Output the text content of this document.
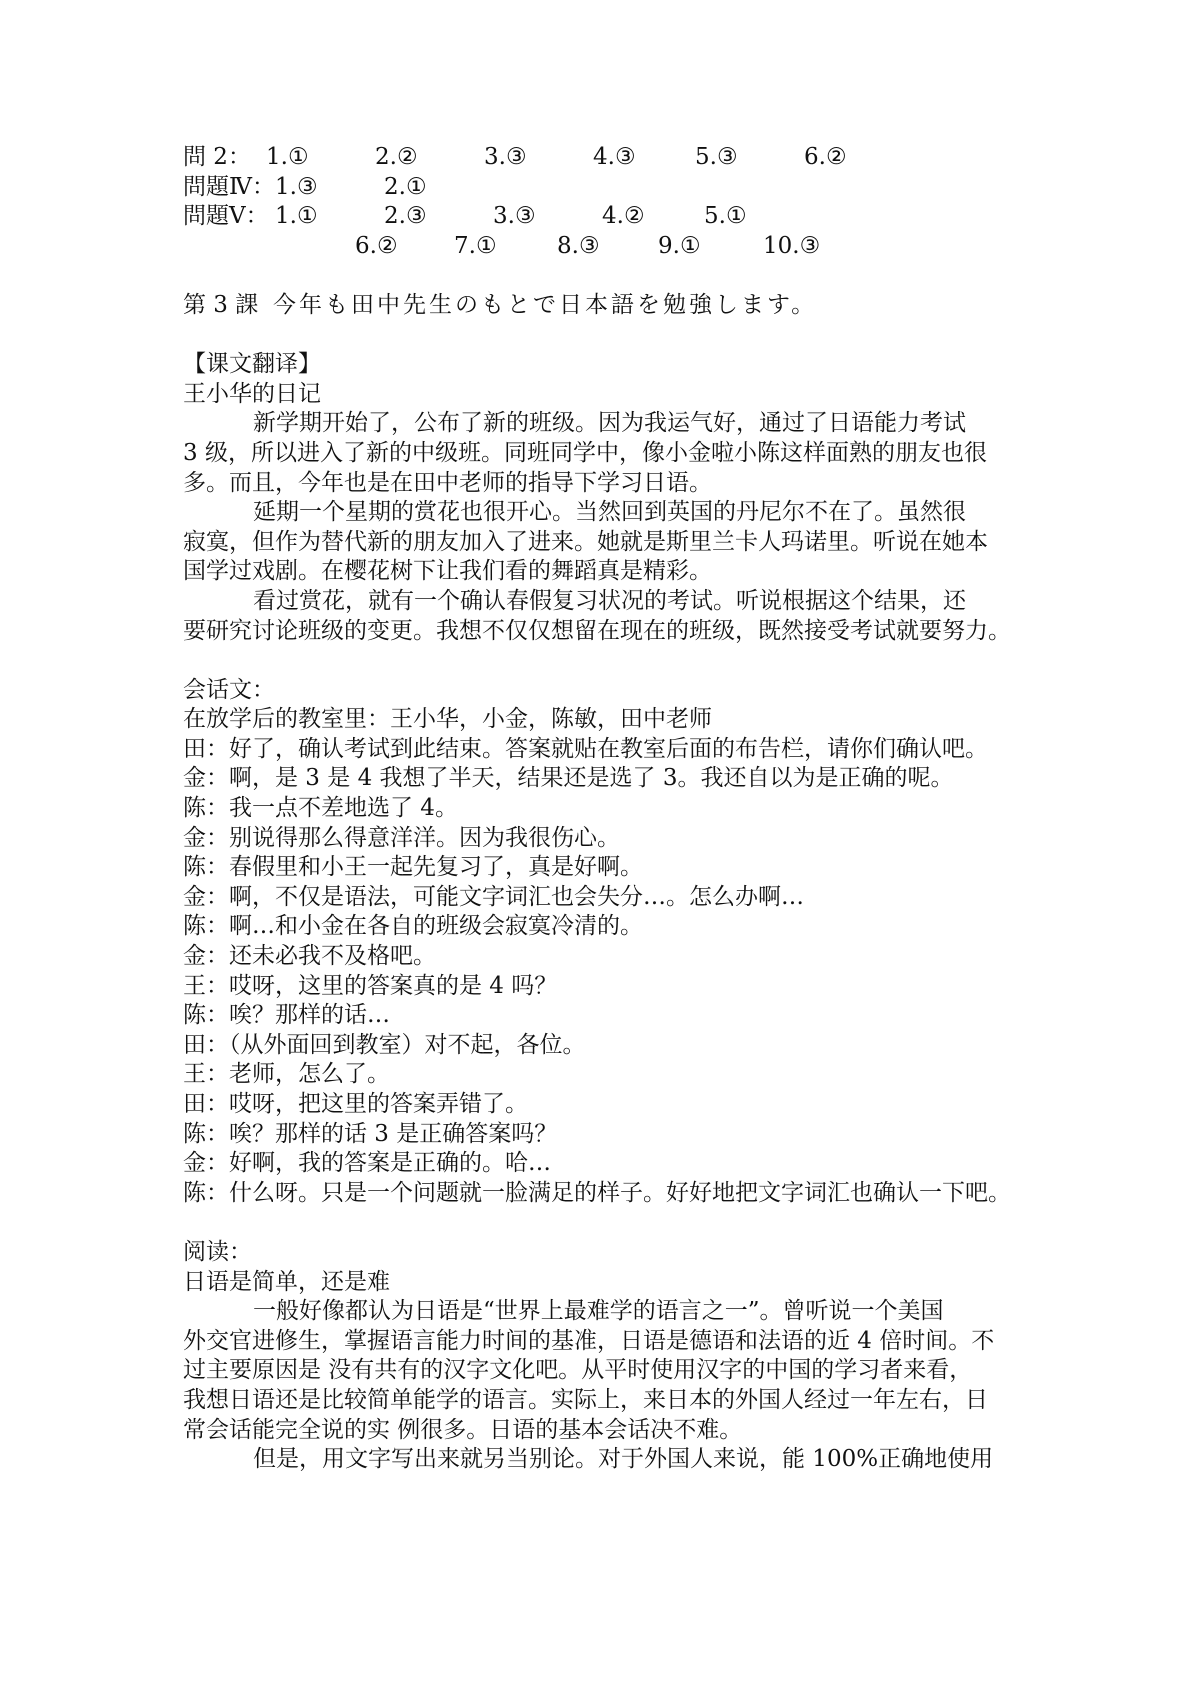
問 2： 1.①	2.②	3.③	4.③	5.③	6.②
問題Ⅳ： 1.③	2.①
問題Ⅴ： 1.①	2.③	3.③	4.②	5.①
6.②	7.①	8.③	9.①	10.③
第 3 課 今年も田中先生のもとで日本語を勉強します。
【课文翻译】
王小华的日记
新学期开始了，公布了新的班级。因为我运气好，通过了日语能力考试
3 级，所以进入了新的中级班。同班同学中，像小金啦小陈这样面熟的朋友也很
多。而且，今年也是在田中老师的指导下学习日语。
延期一个星期的赏花也很开心。当然回到英国的丹尼尔不在了。虽然很
寂寞，但作为替代新的朋友加入了进来。她就是斯里兰卡人玛诺里。听说在她本
国学过戏剧。在樱花树下让我们看的舞蹈真是精彩。
看过赏花，就有一个确认春假复习状况的考试。听说根据这个结果，还
要研究讨论班级的变更。我想不仅仅想留在现在的班级，既然接受考试就要努力。
会话文：
在放学后的教室里：王小华，小金，陈敏，田中老师
田：好了，确认考试到此结束。答案就贴在教室后面的布告栏，请你们确认吧。
金：啊，是 3 是 4 我想了半天，结果还是选了 3。我还自以为是正确的呢。
陈：我一点不差地选了 4。
金：别说得那么得意洋洋。因为我很伤心。
陈：春假里和小王一起先复习了，真是好啊。
金：啊，不仅是语法，可能文字词汇也会失分…。怎么办啊…
陈：啊…和小金在各自的班级会寂寞冷清的。
金：还未必我不及格吧。
王：哎呀，这里的答案真的是 4 吗？
陈：唉？那样的话…
田：（从外面回到教室）对不起，各位。
王：老师，怎么了。
田：哎呀，把这里的答案弄错了。
陈：唉？那样的话 3 是正确答案吗？
金：好啊，我的答案是正确的。哈…
陈：什么呀。只是一个问题就一脸满足的样子。好好地把文字词汇也确认一下吧。
阅读：
日语是简单，还是难
一般好像都认为日语是“世界上最难学的语言之一”。曾听说一个美国
外交官进修生，掌握语言能力时间的基准，日语是德语和法语的近 4 倍时间。不
过主要原因是 没有共有的汉字文化吧。从平时使用汉字的中国的学习者来看，
我想日语还是比较简单能学的语言。实际上，来日本的外国人经过一年左右，日
常会话能完全说的实 例很多。日语的基本会话决不难。
但是，用文字写出来就另当别论。对于外国人来说，能 100%正确地使用
